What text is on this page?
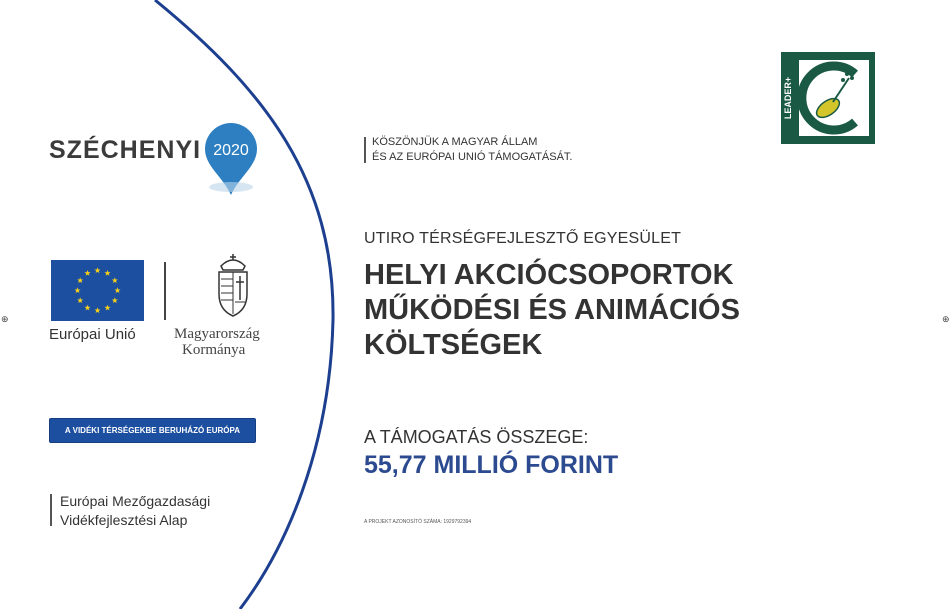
SZÉCHENYI 2020
Európai Unió	Magyarország
Kormánya
A VIDÉKI TÉRSÉGEKBE BERUHÁZÓ EURÓPA
Európai Mezőgazdasági
Vidékfejlesztési Alap
KÖSZÖNJÜK A MAGYAR ÁLLAM
ÉS AZ EURÓPAI UNIÓ TÁMOGATÁSÁT.
LEADER+
UTIRO TÉRSÉGFEJLESZTŐ EGYESÜLET
HELYI AKCIÓCSOPORTOK
MŰKÖDÉSI ÉS ANIMÁCIÓS
KÖLTSÉGEK
A TÁMOGATÁS ÖSSZEGE:
55,77 MILLIÓ FORINT
A PROJEKT AZONOSÍTÓ SZÁMA: 1929792394
⊕	⊕
